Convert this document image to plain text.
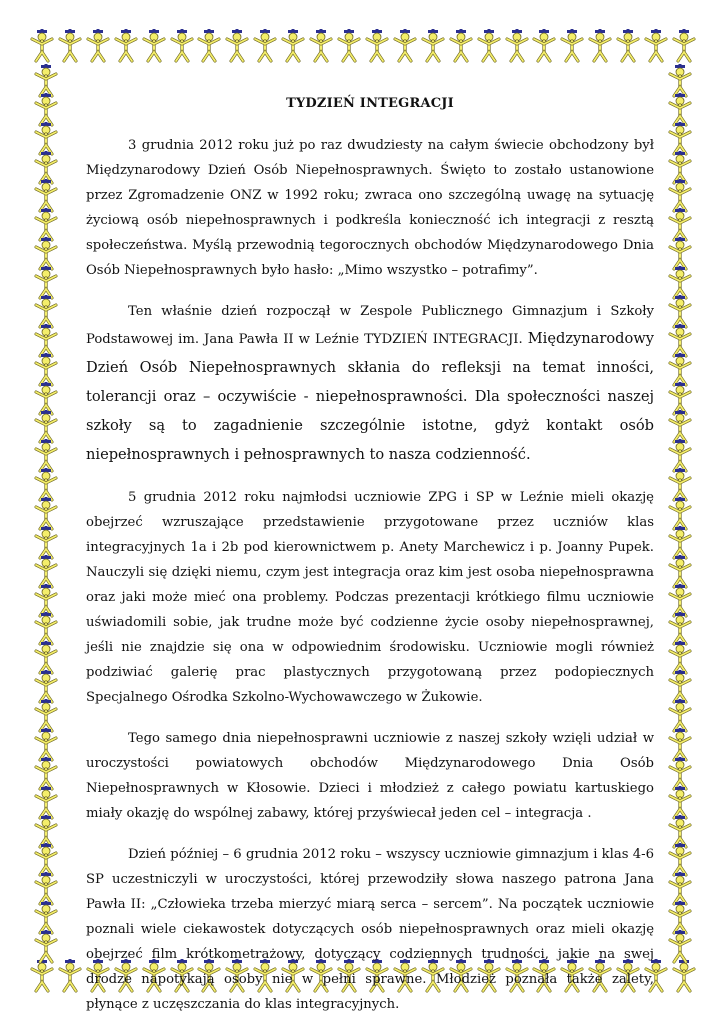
TYDZIEŃ INTEGRACJI

3 grudnia 2012 roku już po raz dwudziesty na całym świecie obchodzony był Międzynarodowy Dzień Osób Niepełnosprawnych. Święto to zostało ustanowione przez Zgromadzenie ONZ w 1992 roku; zwraca ono szczególną uwagę na sytuację życiową osób niepełnosprawnych i podkreśla konieczność ich integracji z resztą społeczeństwa. Myślą przewodnią tegorocznych obchodów Międzynarodowego Dnia Osób Niepełnosprawnych było hasło: „Mimo wszystko – potrafimy”.

Ten właśnie dzień rozpoczął w Zespole Publicznego Gimnazjum i Szkoły Podstawowej im. Jana Pawła II w Leźnie TYDZIEŃ INTEGRACJI. Międzynarodowy Dzień Osób Niepełnosprawnych skłania do refleksji na temat inności, tolerancji oraz – oczywiście - niepełnosprawności. Dla społeczności naszej szkoły są to zagadnienie szczególnie istotne, gdyż kontakt osób niepełnosprawnych i pełnosprawnych to nasza codzienność.

5 grudnia 2012 roku najmłodsi uczniowie ZPG i SP w Leźnie mieli okazję obejrzeć wzruszające przedstawienie przygotowane przez uczniów klas integracyjnych 1a i 2b pod kierownictwem p. Anety Marchewicz i p. Joanny Pupek. Nauczyli się dzięki niemu, czym jest integracja oraz kim jest osoba niepełnosprawna oraz jaki może mieć ona problemy. Podczas prezentacji krótkiego filmu uczniowie uświadomili sobie, jak trudne może być codzienne życie osoby niepełnosprawnej, jeśli nie znajdzie się ona w odpowiednim środowisku. Uczniowie mogli również podziwiać galerię prac plastycznych przygotowaną przez podopiecznych Specjalnego Ośrodka Szkolno-Wychowawczego w Żukowie.

Tego samego dnia niepełnosprawni uczniowie z naszej szkoły wzięli udział w uroczystości powiatowych obchodów Międzynarodowego Dnia Osób Niepełnosprawnych w Kłosowie. Dzieci i młodzież z całego powiatu kartuskiego miały okazję do wspólnej zabawy, której przyświecał jeden cel – integracja .

Dzień później – 6 grudnia 2012 roku – wszyscy uczniowie gimnazjum i klas 4-6 SP uczestniczyli w uroczystości, której przewodziły słowa naszego patrona Jana Pawła II: „Człowieka trzeba mierzyć miarą serca – sercem”. Na początek uczniowie poznali wiele ciekawostek dotyczących osób niepełnosprawnych oraz mieli okazję obejrzeć film krótkometrażowy, dotyczący codziennych trudności, jakie na swej drodze napotykają osoby nie w pełni sprawne. Młodzież poznała także zalety, płynące z uczęszczania do klas integracyjnych.
